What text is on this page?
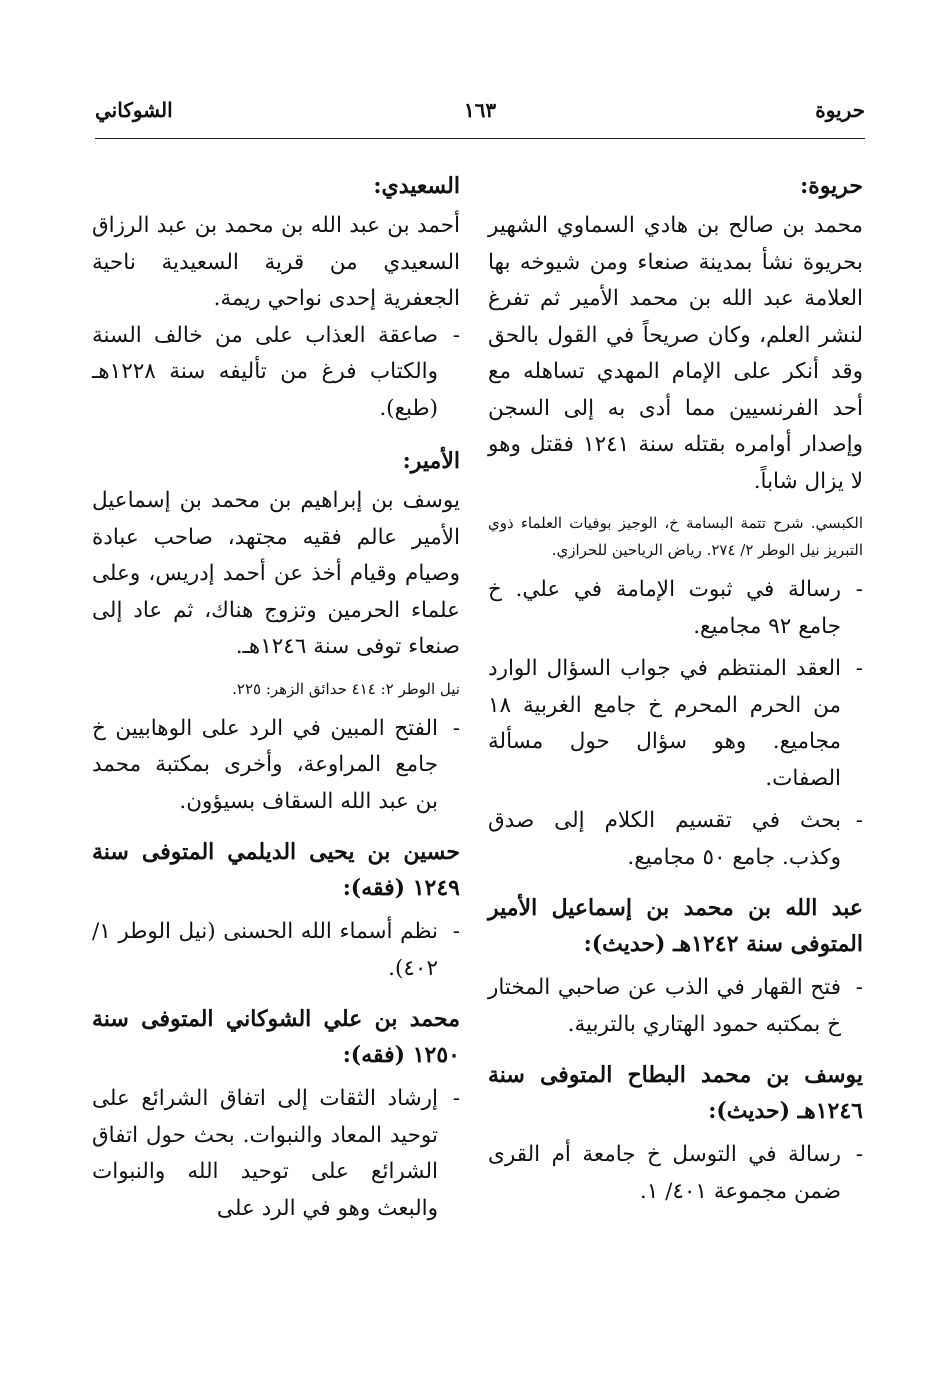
حريوة
١٦٣
الشوكاني
حريوة:

محمد بن صالح بن هادي السماوي الشهير بحريوة نشأ بمدينة صنعاء ومن شيوخه بها العلامة عبد الله بن محمد الأمير ثم تفرغ لنشر العلم، وكان صريحاً في القول بالحق وقد أنكر على الإمام المهدي تساهله مع أحد الفرنسيين مما أدى به إلى السجن وإصدار أوامره بقتله سنة ١٢٤١ فقتل وهو لا يزال شاباً.

الكبسي. شرح تتمة البسامة خ، الوجيز بوفيات العلماء ذوي التبريز نيل الوطر ٢/ ٢٧٤. رياض الرياحين للحرازي.

-
رسالة في ثبوت الإمامة في علي. خ جامع ٩٢ مجاميع.
-
العقد المنتظم في جواب السؤال الوارد من الحرم المحرم خ جامع الغربية ١٨ مجاميع. وهو سؤال حول مسألة الصفات.
-
بحث في تقسيم الكلام إلى صدق وكذب. جامع ٥٠ مجاميع.
عبد الله بن محمد بن إسماعيل الأمير المتوفى سنة ١٢٤٢هـ (حديث):
-
فتح القهار في الذب عن صاحبي المختار خ بمكتبه حمود الهتاري بالتربية.
يوسف بن محمد البطاح المتوفى سنة ١٢٤٦هـ (حديث):
-
رسالة في التوسل خ جامعة أم القرى ضمن مجموعة ٤٠١/ ١.
السعيدي:

أحمد بن عبد الله بن محمد بن عبد الرزاق السعيدي من قرية السعيدية ناحية الجعفرية إحدى نواحي ريمة.

-
صاعقة العذاب على من خالف السنة والكتاب فرغ من تأليفه سنة ١٢٢٨هـ (طبع).
الأمير:

يوسف بن إبراهيم بن محمد بن إسماعيل الأمير عالم فقيه مجتهد، صاحب عبادة وصيام وقيام أخذ عن أحمد إدريس، وعلى علماء الحرمين وتزوج هناك، ثم عاد إلى صنعاء توفى سنة ١٢٤٦هـ.

نيل الوطر ٢: ٤١٤ حدائق الزهر: ٢٢٥.

-
الفتح المبين في الرد على الوهابيين خ جامع المراوعة، وأخرى بمكتبة محمد بن عبد الله السقاف بسيؤون.
حسين بن يحيى الديلمي المتوفى سنة ١٢٤٩ (فقه):
-
نظم أسماء الله الحسنى (نيل الوطر ١/ ٤٠٢).
محمد بن علي الشوكاني المتوفى سنة ١٢٥٠ (فقه):
-
إرشاد الثقات إلى اتفاق الشرائع على توحيد المعاد والنبوات. بحث حول اتفاق الشرائع على توحيد الله والنبوات والبعث وهو في الرد على
